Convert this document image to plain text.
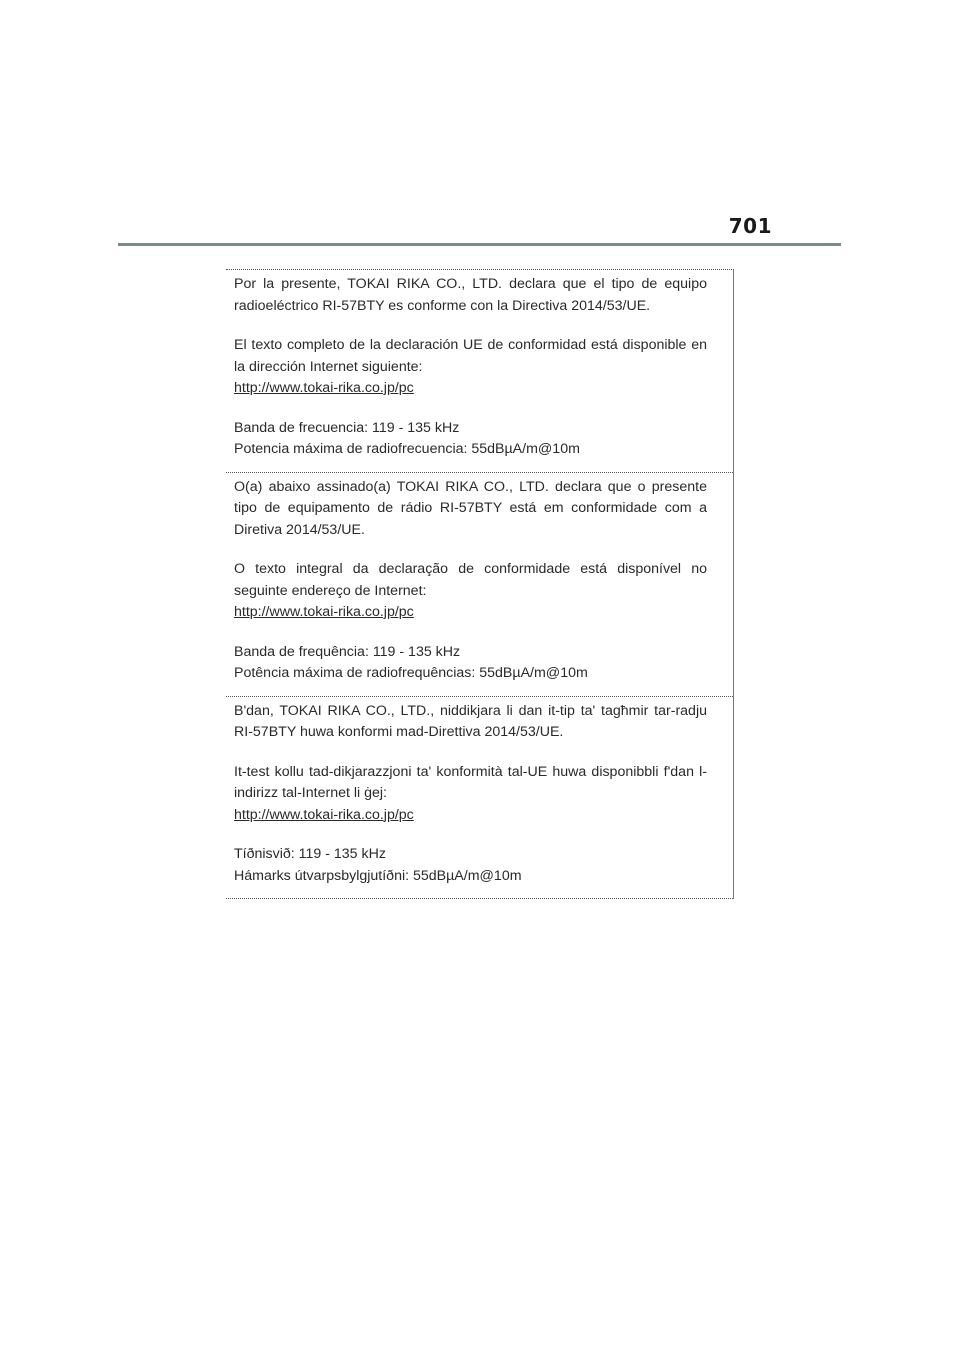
701

Por la presente, TOKAI RIKA CO., LTD. declara que el tipo de equipo radioeléctrico RI-57BTY es conforme con la Directiva 2014/53/UE.

El texto completo de la declaración UE de conformidad está disponible en la dirección Internet siguiente:

http://www.tokai-rika.co.jp/pc

Banda de frecuencia: 119 - 135 kHz

Potencia máxima de radiofrecuencia: 55dBµA/m@10m

O(a) abaixo assinado(a) TOKAI RIKA CO., LTD. declara que o presente tipo de equipamento de rádio RI-57BTY está em conformidade com a Diretiva 2014/53/UE.

O texto integral da declaração de conformidade está disponível no seguinte endereço de Internet:

http://www.tokai-rika.co.jp/pc

Banda de frequência: 119 - 135 kHz

Potência máxima de radiofrequências: 55dBµA/m@10m

B'dan, TOKAI RIKA CO., LTD., niddikjara li dan it-tip ta' tagħmir tar-radju RI-57BTY huwa konformi mad-Direttiva 2014/53/UE.

It-test kollu tad-dikjarazzjoni ta' konformità tal-UE huwa disponibbli f'dan l-indirizz tal-Internet li ġej:

http://www.tokai-rika.co.jp/pc

Tíðnisvið: 119 - 135 kHz

Hámarks útvarpsbylgjutíðni: 55dBµA/m@10m
